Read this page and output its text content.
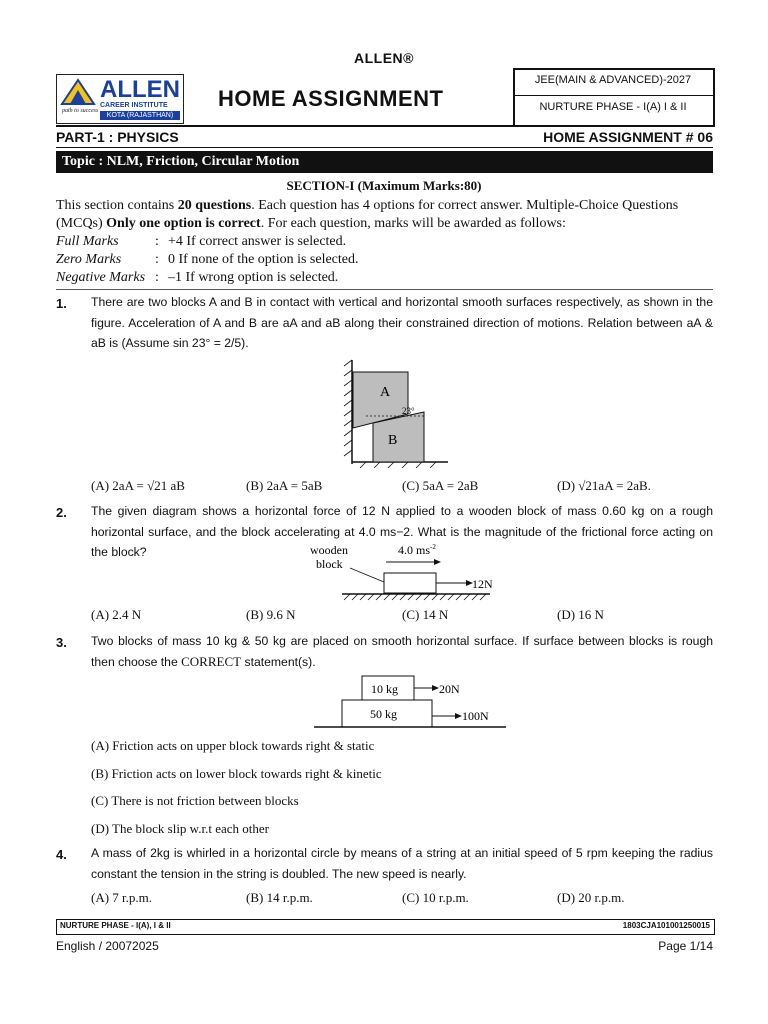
ALLEN®
ALLEN
CAREER INSTITUTE
path to success
KOTA (RAJASTHAN)
HOME ASSIGNMENT
JEE(MAIN & ADVANCED)-2027
NURTURE PHASE - I(A) I & II
PART-1 : PHYSICS	HOME ASSIGNMENT # 06
Topic : NLM, Friction, Circular Motion
SECTION-I (Maximum Marks:80)
This section contains 20 questions. Each question has 4 options for correct answer. Multiple-Choice Questions (MCQs) Only one option is correct. For each question, marks will be awarded as follows:
Full Marks	: +4 If correct answer is selected.
Zero Marks : 0 If none of the option is selected.
Negative Marks : –1 If wrong option is selected.
1. There are two blocks A and B in contact with vertical and horizontal smooth surfaces respectively, as shown in the figure. Acceleration of A and B are aA and aB along their constrained direction of motions. Relation between aA & aB is (Assume sin 23° = 2/5).
A
B
23°
(A) 2aA = √21 aB	(B) 2aA = 5aB	(C) 5aA = 2aB	(D) √21aA = 2aB.
2. The given diagram shows a horizontal force of 12 N applied to a wooden block of mass 0.60 kg on a rough horizontal surface, and the block accelerating at 4.0 ms−2. What is the magnitude of the frictional force acting on the block?	wooden
block
4.0 $ms^{-2}$
12N
(A) 2.4 N	(B) 9.6 N	(C) 14 N	(D) 16 N
3. Two blocks of mass 10 kg & 50 kg are placed on smooth horizontal surface. If surface between blocks is rough then choose the CORRECT statement(s).
10 kg	20N
50 kg	100N
(A) Friction acts on upper block towards right & static
(B) Friction acts on lower block towards right & kinetic
(C) There is not friction between blocks
(D) The block slip w.r.t each other
4. A mass of 2kg is whirled in a horizontal circle by means of a string at an initial speed of 5 rpm keeping the radius constant the tension in the string is doubled. The new speed is nearly.
(A) 7 r.p.m.	(B) 14 r.p.m.	(C) 10 r.p.m.	(D) 20 r.p.m.
NURTURE PHASE - I(A), I & II	1803CJA101001250015
English / 20072025	Page 1/14
